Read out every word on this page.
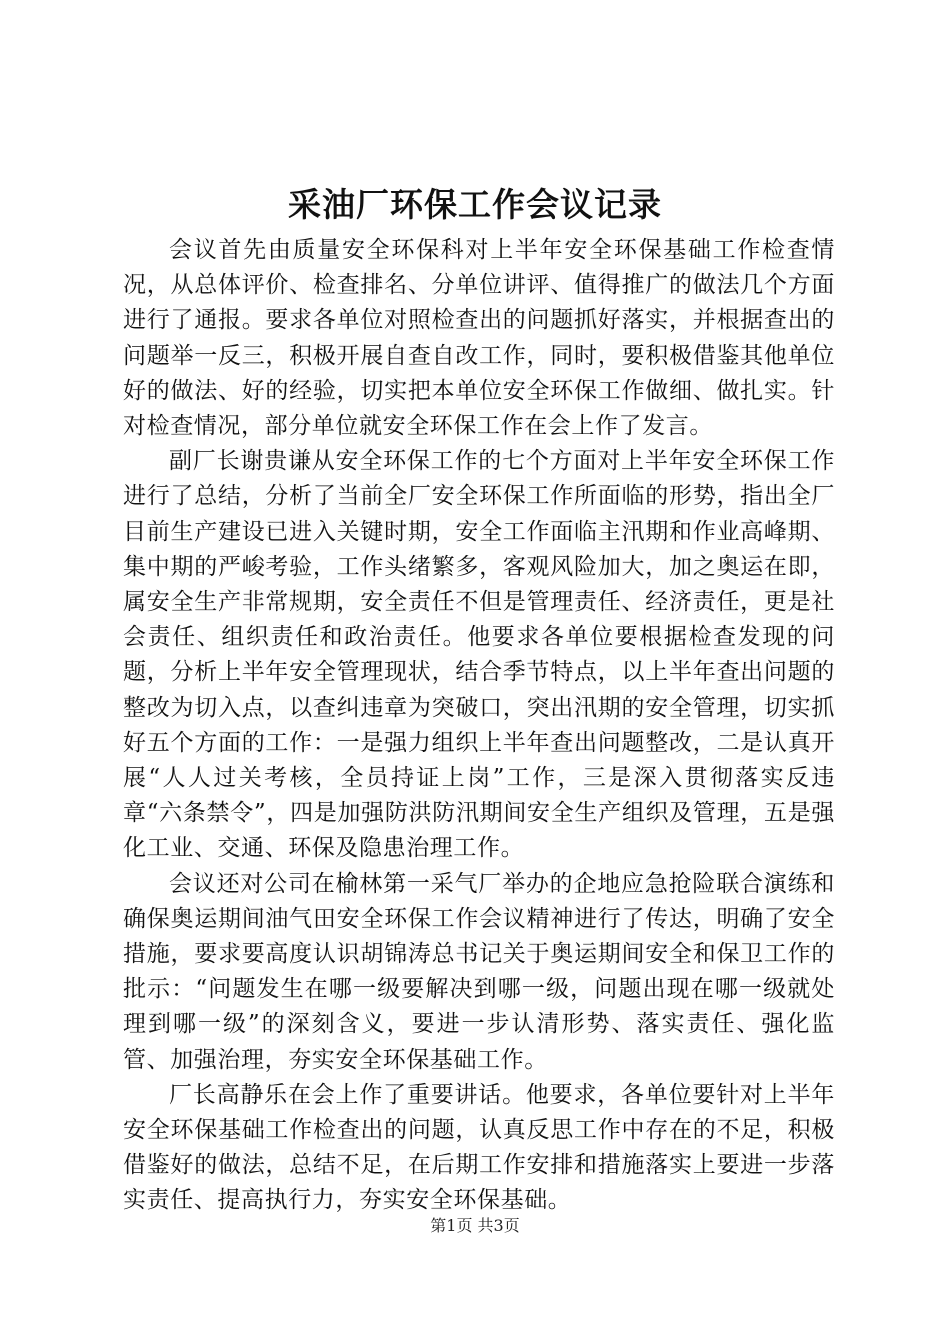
采油厂环保工作会议记录

会议首先由质量安全环保科对上半年安全环保基础工作检查情况，从总体评价、检查排名、分单位讲评、值得推广的做法几个方面进行了通报。要求各单位对照检查出的问题抓好落实，并根据查出的问题举一反三，积极开展自查自改工作，同时，要积极借鉴其他单位好的做法、好的经验，切实把本单位安全环保工作做细、做扎实。针对检查情况，部分单位就安全环保工作在会上作了发言。

副厂长谢贵谦从安全环保工作的七个方面对上半年安全环保工作进行了总结，分析了当前全厂安全环保工作所面临的形势，指出全厂目前生产建设已进入关键时期，安全工作面临主汛期和作业高峰期、集中期的严峻考验，工作头绪繁多，客观风险加大，加之奥运在即，属安全生产非常规期，安全责任不但是管理责任、经济责任，更是社会责任、组织责任和政治责任。他要求各单位要根据检查发现的问题，分析上半年安全管理现状，结合季节特点，以上半年查出问题的整改为切入点，以查纠违章为突破口，突出汛期的安全管理，切实抓好五个方面的工作：一是强力组织上半年查出问题整改，二是认真开展“人人过关考核，全员持证上岗”工作，三是深入贯彻落实反违章“六条禁令”，四是加强防洪防汛期间安全生产组织及管理，五是强化工业、交通、环保及隐患治理工作。

会议还对公司在榆林第一采气厂举办的企地应急抢险联合演练和确保奥运期间油气田安全环保工作会议精神进行了传达，明确了安全措施，要求要高度认识胡锦涛总书记关于奥运期间安全和保卫工作的批示：“问题发生在哪一级要解决到哪一级，问题出现在哪一级就处理到哪一级”的深刻含义，要进一步认清形势、落实责任、强化监管、加强治理，夯实安全环保基础工作。

厂长高静乐在会上作了重要讲话。他要求，各单位要针对上半年安全环保基础工作检查出的问题，认真反思工作中存在的不足，积极借鉴好的做法，总结不足，在后期工作安排和措施落实上要进一步落实责任、提高执行力，夯实安全环保基础。

第1页 共3页
